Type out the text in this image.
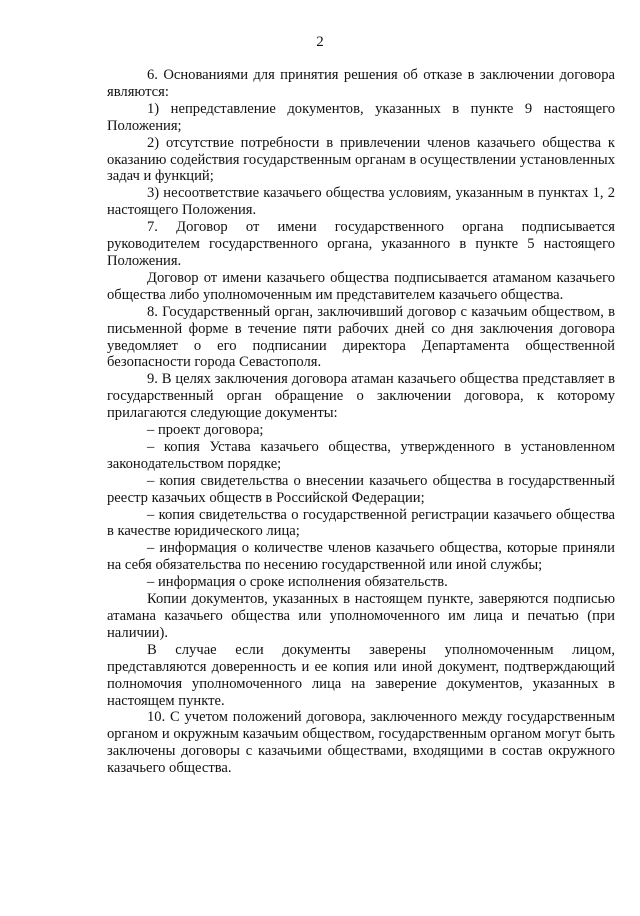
2

6. Основаниями для принятия решения об отказе в заключении договора являются:

1) непредставление документов, указанных в пункте 9 настоящего Положения;

2) отсутствие потребности в привлечении членов казачьего общества к оказанию содействия государственным органам в осуществлении установленных задач и функций;

3) несоответствие казачьего общества условиям, указанным в пунктах 1, 2 настоящего Положения.

7. Договор от имени государственного органа подписывается руководителем государственного органа, указанного в пункте 5 настоящего Положения.

Договор от имени казачьего общества подписывается атаманом казачьего общества либо уполномоченным им представителем казачьего общества.

8. Государственный орган, заключивший договор с казачьим обществом, в письменной форме в течение пяти рабочих дней со дня заключения договора уведомляет о его подписании директора Департамента общественной безопасности города Севастополя.

9. В целях заключения договора атаман казачьего общества представляет в государственный орган обращение о заключении договора, к которому прилагаются следующие документы:

– проект договора;

– копия Устава казачьего общества, утвержденного в установленном законодательством порядке;

– копия свидетельства о внесении казачьего общества в государственный реестр казачьих обществ в Российской Федерации;

– копия свидетельства о государственной регистрации казачьего общества в качестве юридического лица;

– информация о количестве членов казачьего общества, которые приняли на себя обязательства по несению государственной или иной службы;

– информация о сроке исполнения обязательств.

Копии документов, указанных в настоящем пункте, заверяются подписью атамана казачьего общества или уполномоченного им лица и печатью (при наличии).

В случае если документы заверены уполномоченным лицом, представляются доверенность и ее копия или иной документ, подтверждающий полномочия уполномоченного лица на заверение документов, указанных в настоящем пункте.

10. С учетом положений договора, заключенного между государственным органом и окружным казачьим обществом, государственным органом могут быть заключены договоры с казачьими обществами, входящими в состав окружного казачьего общества.
